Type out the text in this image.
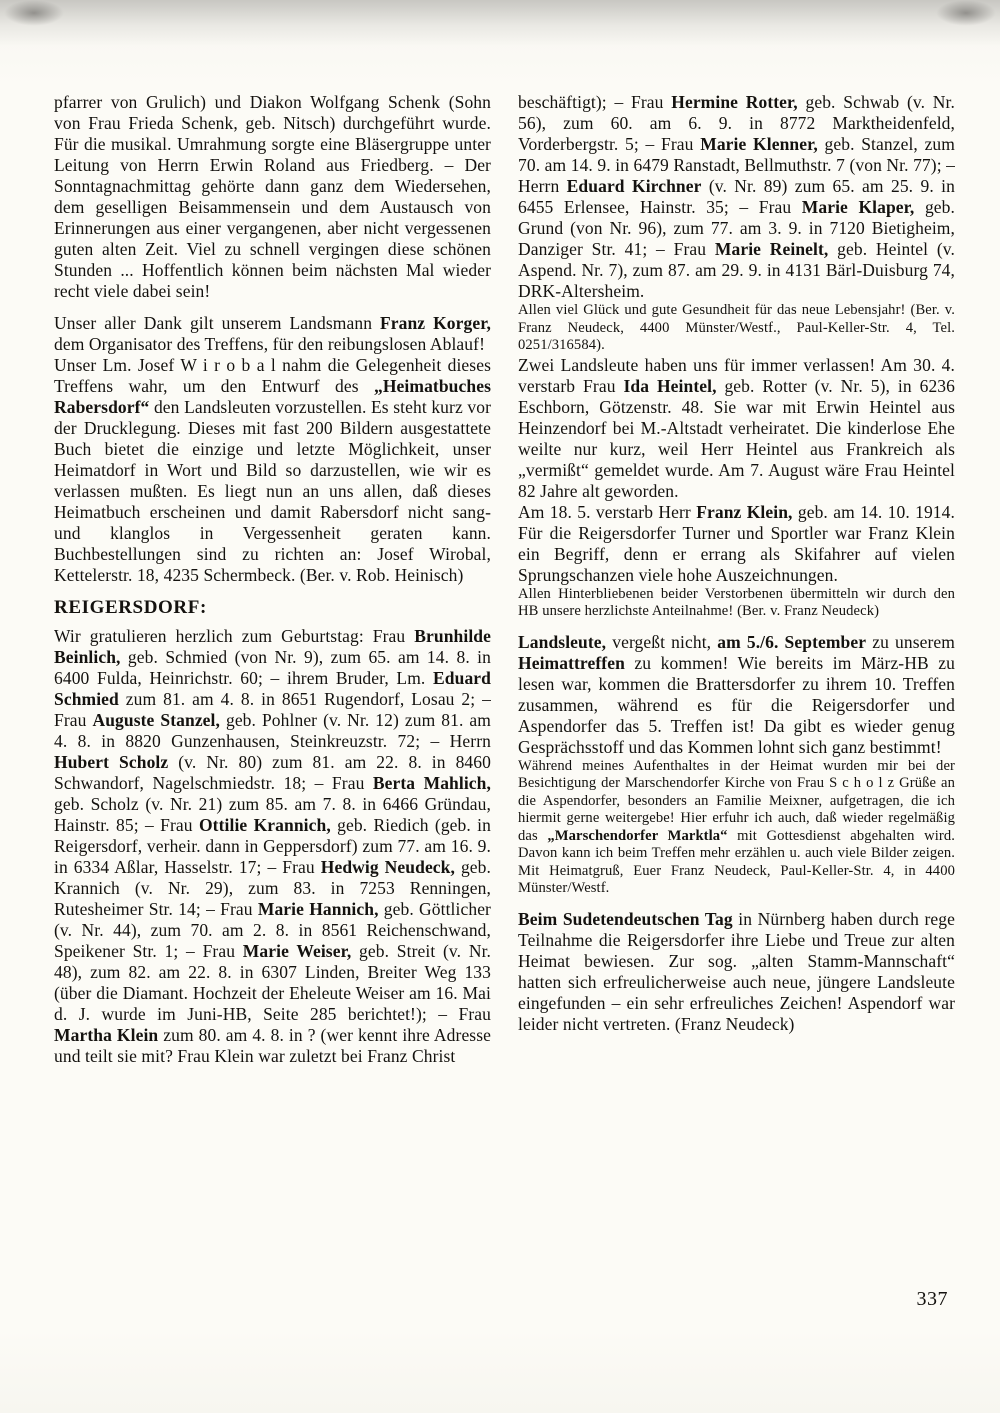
pfarrer von Grulich) und Diakon Wolfgang Schenk (Sohn von Frau Frieda Schenk, geb. Nitsch) durchgeführt wurde. Für die musikal. Umrahmung sorgte eine Bläsergruppe unter Leitung von Herrn Erwin Roland aus Friedberg. – Der Sonntagnachmittag gehörte dann ganz dem Wiedersehen, dem geselligen Beisammensein und dem Austausch von Erinnerungen aus einer vergangenen, aber nicht vergessenen guten alten Zeit. Viel zu schnell vergingen diese schönen Stunden ... Hoffentlich können beim nächsten Mal wieder recht viele dabei sein!

Unser aller Dank gilt unserem Landsmann Franz Korger, dem Organisator des Treffens, für den reibungslosen Ablauf!

Unser Lm. Josef W i r o b a l nahm die Gelegenheit dieses Treffens wahr, um den Entwurf des „Heimatbuches Rabersdorf“ den Landsleuten vorzustellen. Es steht kurz vor der Drucklegung. Dieses mit fast 200 Bildern ausgestattete Buch bietet die einzige und letzte Möglichkeit, unser Heimatdorf in Wort und Bild so darzustellen, wie wir es verlassen mußten. Es liegt nun an uns allen, daß dieses Heimatbuch erscheinen und damit Rabersdorf nicht sang- und klanglos in Vergessenheit geraten kann. Buchbestellungen sind zu richten an: Josef Wirobal, Kettelerstr. 18, 4235 Schermbeck. (Ber. v. Rob. Heinisch)

REIGERSDORF:

Wir gratulieren herzlich zum Geburtstag: Frau Brunhilde Beinlich, geb. Schmied (von Nr. 9), zum 65. am 14. 8. in 6400 Fulda, Heinrichstr. 60; – ihrem Bruder, Lm. Eduard Schmied zum 81. am 4. 8. in 8651 Rugendorf, Losau 2; – Frau Auguste Stanzel, geb. Pohlner (v. Nr. 12) zum 81. am 4. 8. in 8820 Gunzenhausen, Steinkreuzstr. 72; – Herrn Hubert Scholz (v. Nr. 80) zum 81. am 22. 8. in 8460 Schwandorf, Nagelschmiedstr. 18; – Frau Berta Mahlich, geb. Scholz (v. Nr. 21) zum 85. am 7. 8. in 6466 Gründau, Hainstr. 85; – Frau Ottilie Krannich, geb. Riedich (geb. in Reigersdorf, verheir. dann in Geppersdorf) zum 77. am 16. 9. in 6334 Aßlar, Hasselstr. 17; – Frau Hedwig Neudeck, geb. Krannich (v. Nr. 29), zum 83. in 7253 Renningen, Rutesheimer Str. 14; – Frau Marie Hannich, geb. Göttlicher (v. Nr. 44), zum 70. am 2. 8. in 8561 Reichenschwand, Speikener Str. 1; – Frau Marie Weiser, geb. Streit (v. Nr. 48), zum 82. am 22. 8. in 6307 Linden, Breiter Weg 133 (über die Diamant. Hochzeit der Eheleute Weiser am 16. Mai d. J. wurde im Juni-HB, Seite 285 berichtet!); – Frau Martha Klein zum 80. am 4. 8. in ? (wer kennt ihre Adresse und teilt sie mit? Frau Klein war zuletzt bei Franz Christ

beschäftigt); – Frau Hermine Rotter, geb. Schwab (v. Nr. 56), zum 60. am 6. 9. in 8772 Marktheidenfeld, Vorderbergstr. 5; – Frau Marie Klenner, geb. Stanzel, zum 70. am 14. 9. in 6479 Ranstadt, Bellmuthstr. 7 (von Nr. 77); – Herrn Eduard Kirchner (v. Nr. 89) zum 65. am 25. 9. in 6455 Erlensee, Hainstr. 35; – Frau Marie Klaper, geb. Grund (von Nr. 96), zum 77. am 3. 9. in 7120 Bietigheim, Danziger Str. 41; – Frau Marie Reinelt, geb. Heintel (v. Aspend. Nr. 7), zum 87. am 29. 9. in 4131 Bärl-Duisburg 74, DRK-Altersheim.

Allen viel Glück und gute Gesundheit für das neue Lebensjahr! (Ber. v. Franz Neudeck, 4400 Münster/Westf., Paul-Keller-Str. 4, Tel. 0251/316584).

Zwei Landsleute haben uns für immer verlassen! Am 30. 4. verstarb Frau Ida Heintel, geb. Rotter (v. Nr. 5), in 6236 Eschborn, Götzenstr. 48. Sie war mit Erwin Heintel aus Heinzendorf bei M.-Altstadt verheiratet. Die kinderlose Ehe weilte nur kurz, weil Herr Heintel aus Frankreich als „vermißt“ gemeldet wurde. Am 7. August wäre Frau Heintel 82 Jahre alt geworden.

Am 18. 5. verstarb Herr Franz Klein, geb. am 14. 10. 1914. Für die Reigersdorfer Turner und Sportler war Franz Klein ein Begriff, denn er errang als Skifahrer auf vielen Sprungschanzen viele hohe Auszeichnungen.

Allen Hinterbliebenen beider Verstorbenen übermitteln wir durch den HB unsere herzlichste Anteilnahme! (Ber. v. Franz Neudeck)

Landsleute, vergeßt nicht, am 5./6. September zu unserem Heimattreffen zu kommen! Wie bereits im März-HB zu lesen war, kommen die Brattersdorfer zu ihrem 10. Treffen zusammen, während es für die Reigersdorfer und Aspendorfer das 5. Treffen ist! Da gibt es wieder genug Gesprächsstoff und das Kommen lohnt sich ganz bestimmt!

Während meines Aufenthaltes in der Heimat wurden mir bei der Besichtigung der Marschendorfer Kirche von Frau S c h o l z Grüße an die Aspendorfer, besonders an Familie Meixner, aufgetragen, die ich hiermit gerne weitergebe! Hier erfuhr ich auch, daß wieder regelmäßig das „Marschendorfer Marktla“ mit Gottesdienst abgehalten wird. Davon kann ich beim Treffen mehr erzählen u. auch viele Bilder zeigen. Mit Heimatgruß, Euer Franz Neudeck, Paul-Keller-Str. 4, in 4400 Münster/Westf.

Beim Sudetendeutschen Tag in Nürnberg haben durch rege Teilnahme die Reigersdorfer ihre Liebe und Treue zur alten Heimat bewiesen. Zur sog. „alten Stamm-Mannschaft“ hatten sich erfreulicherweise auch neue, jüngere Landsleute eingefunden – ein sehr erfreuliches Zeichen! Aspendorf war leider nicht vertreten. (Franz Neudeck)

337
